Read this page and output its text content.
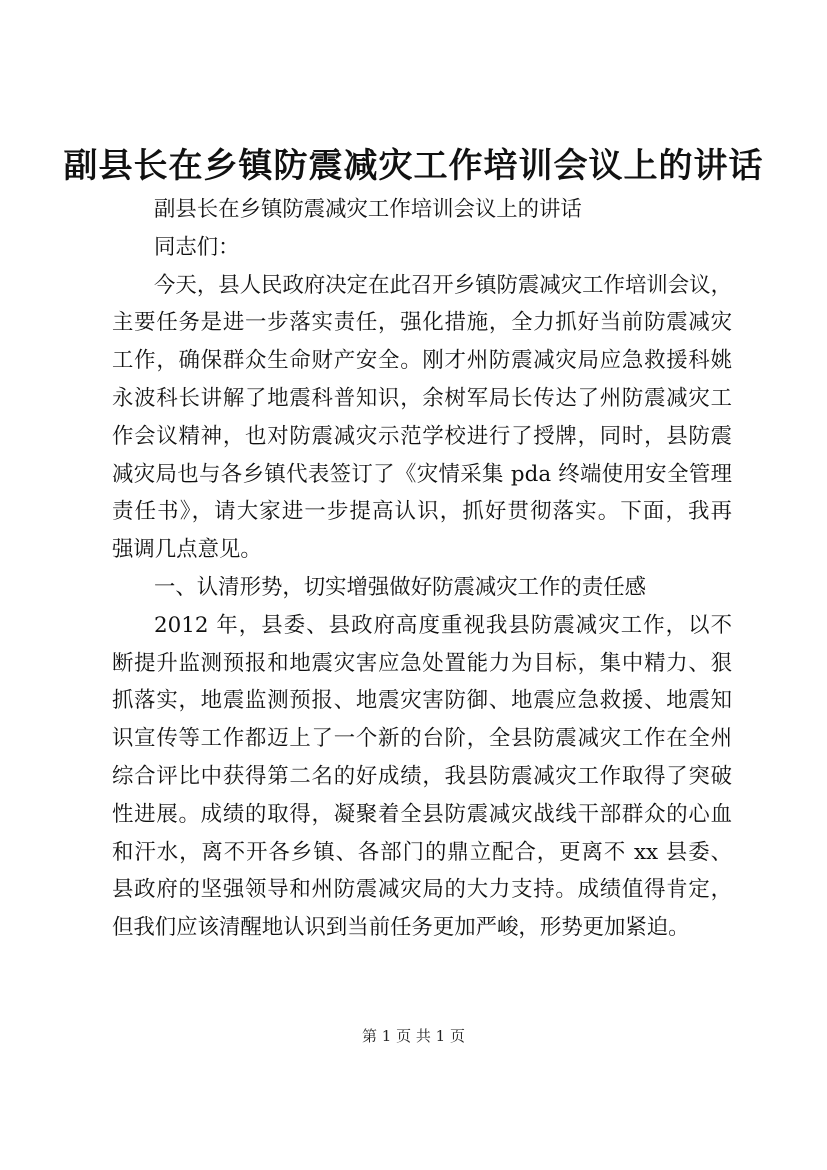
副县长在乡镇防震减灾工作培训会议上的讲话
副县长在乡镇防震减灾工作培训会议上的讲话
同志们：
今天，县人民政府决定在此召开乡镇防震减灾工作培训会议，
主要任务是进一步落实责任，强化措施，全力抓好当前防震减灾
工作，确保群众生命财产安全。刚才州防震减灾局应急救援科姚
永波科长讲解了地震科普知识，余树军局长传达了州防震减灾工
作会议精神，也对防震减灾示范学校进行了授牌，同时，县防震
减灾局也与各乡镇代表签订了《灾情采集 pda 终端使用安全管理
责任书》，请大家进一步提高认识，抓好贯彻落实。下面，我再
强调几点意见。
一、认清形势，切实增强做好防震减灾工作的责任感
2012 年，县委、县政府高度重视我县防震减灾工作，以不
断提升监测预报和地震灾害应急处置能力为目标，集中精力、狠
抓落实，地震监测预报、地震灾害防御、地震应急救援、地震知
识宣传等工作都迈上了一个新的台阶，全县防震减灾工作在全州
综合评比中获得第二名的好成绩，我县防震减灾工作取得了突破
性进展。成绩的取得，凝聚着全县防震减灾战线干部群众的心血
和汗水，离不开各乡镇、各部门的鼎立配合，更离不 xx 县委、
县政府的坚强领导和州防震减灾局的大力支持。成绩值得肯定，
但我们应该清醒地认识到当前任务更加严峻，形势更加紧迫。
第 1 页 共 1 页
